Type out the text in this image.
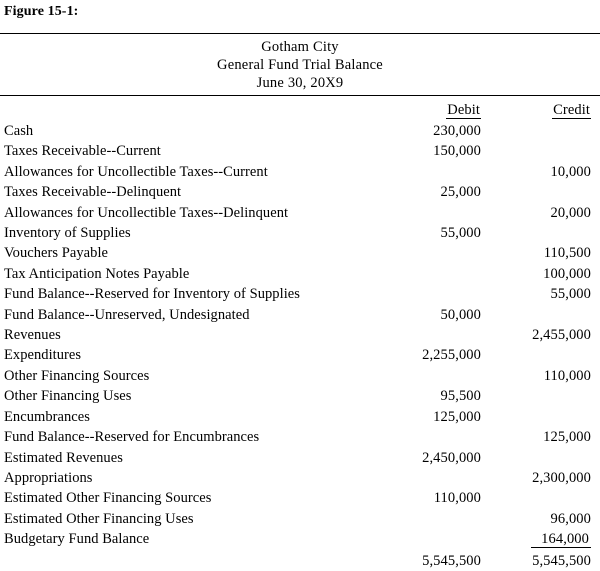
Figure 15-1:
Gotham City
General Fund Trial Balance
June 30, 20X9
	Debit	Credit
Cash	230,000	
Taxes Receivable--Current	150,000	
Allowances for Uncollectible Taxes--Current		10,000
Taxes Receivable--Delinquent	25,000	
Allowances for Uncollectible Taxes--Delinquent		20,000
Inventory of Supplies	55,000	
Vouchers Payable		110,500
Tax Anticipation Notes Payable		100,000
Fund Balance--Reserved for Inventory of Supplies		55,000
Fund Balance--Unreserved, Undesignated	50,000	
Revenues		2,455,000
Expenditures	2,255,000	
Other Financing Sources		110,000
Other Financing Uses	95,500	
Encumbrances	125,000	
Fund Balance--Reserved for Encumbrances		125,000
Estimated Revenues	2,450,000	
Appropriations		2,300,000
Estimated Other Financing Sources	110,000	
Estimated Other Financing Uses		96,000
Budgetary Fund Balance		164,000
	5,545,500	5,545,500
